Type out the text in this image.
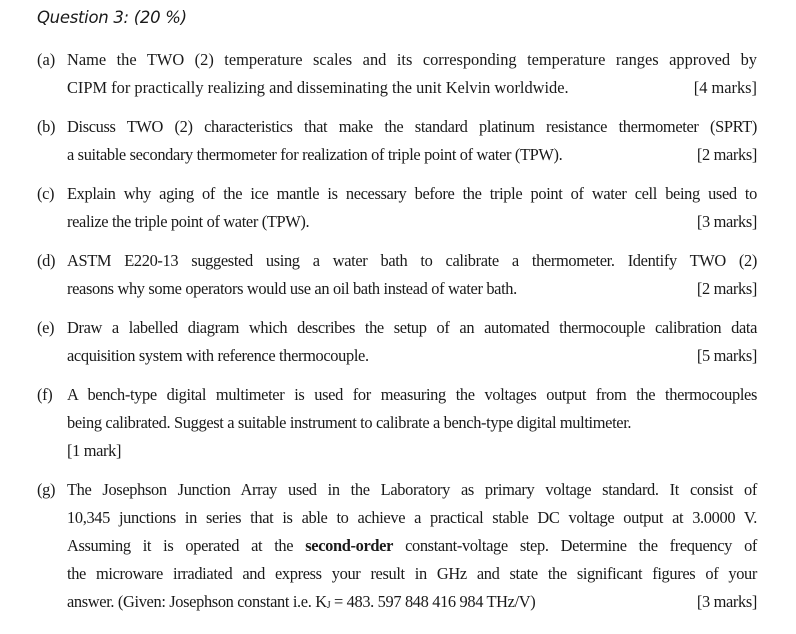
Question 3: (20 %)
(a) Name the TWO (2) temperature scales and its corresponding temperature ranges approved by
CIPM for practically realizing and disseminating the unit Kelvin worldwide.	[4 marks]
(b) Discuss TWO (2) characteristics that make the standard platinum resistance thermometer (SPRT)
a suitable secondary thermometer for realization of triple point of water (TPW).	[2 marks]
(c) Explain why aging of the ice mantle is necessary before the triple point of water cell being used to
realize the triple point of water (TPW).	[3 marks]
(d) ASTM E220-13 suggested using a water bath to calibrate a thermometer. Identify TWO (2)
reasons why some operators would use an oil bath instead of water bath.	[2 marks]
(e) Draw a labelled diagram which describes the setup of an automated thermocouple calibration data
acquisition system with reference thermocouple.	[5 marks]
(f) A bench-type digital multimeter is used for measuring the voltages output from the thermocouples
being calibrated. Suggest a suitable instrument to calibrate a bench-type digital multimeter.
[1 mark]
(g) The Josephson Junction Array used in the Laboratory as primary voltage standard. It consist of
10,345 junctions in series that is able to achieve a practical stable DC voltage output at 3.0000 V.
Assuming it is operated at the second-order constant-voltage step. Determine the frequency of
the microware irradiated and express your result in GHz and state the significant figures of your
answer. (Given: Josephson constant i.e. $K_J = 483$. 597 848 416 984 THz/V)	[3 marks]
